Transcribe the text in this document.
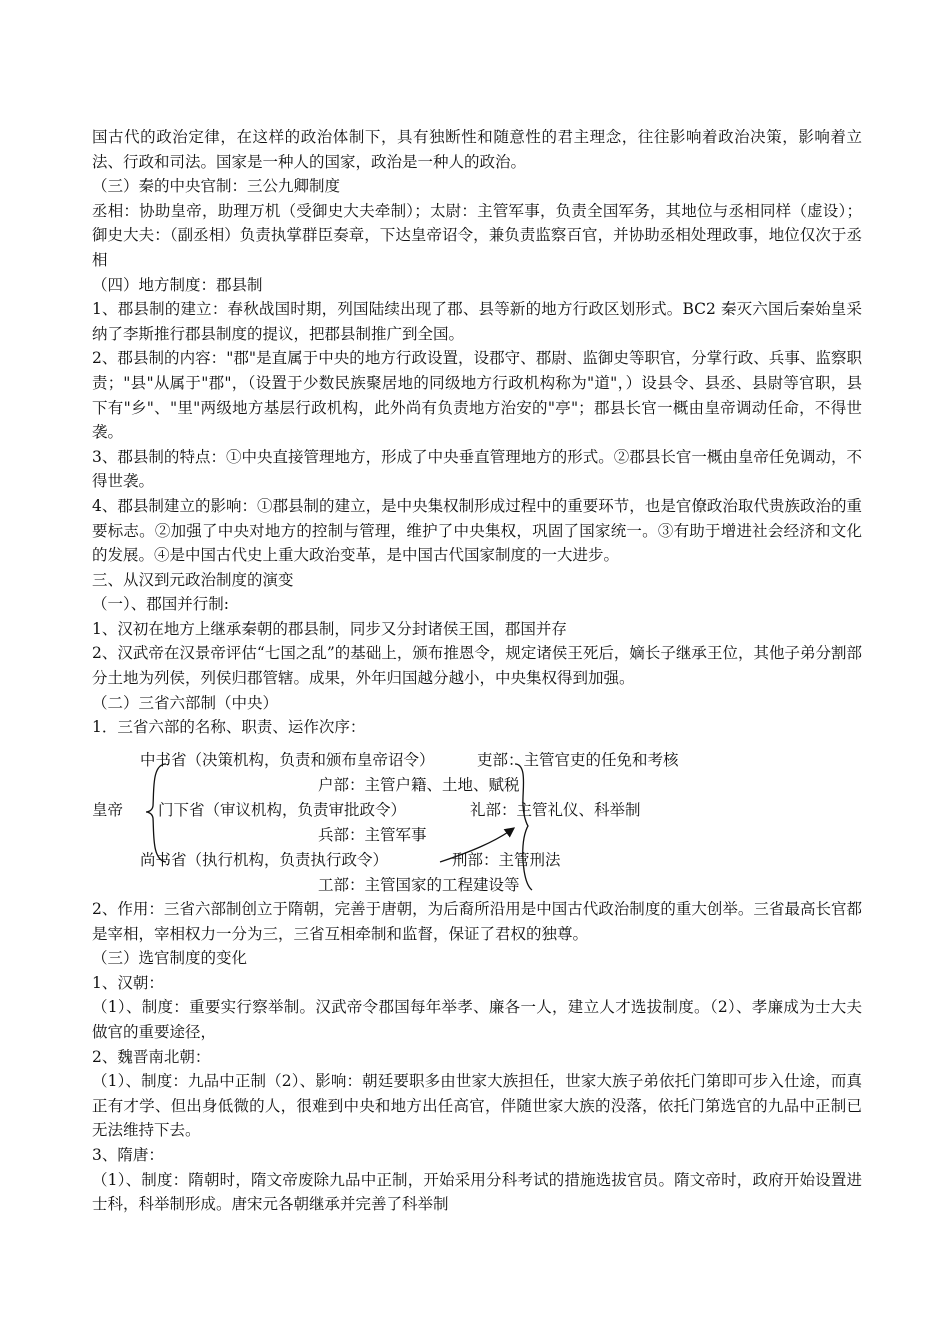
国古代的政治定律，在这样的政治体制下，具有独断性和随意性的君主理念，往往影响着政治决策，影响着立法、行政和司法。国家是一种人的国家，政治是一种人的政治。

（三）秦的中央官制：三公九卿制度

丞相：协助皇帝，助理万机（受御史大夫牵制）；太尉：主管军事，负责全国军务，其地位与丞相同样（虚设）；御史大夫：（副丞相）负责执掌群臣奏章，下达皇帝诏令，兼负责监察百官，并协助丞相处理政事，地位仅次于丞相

（四）地方制度：郡县制

1、郡县制的建立：春秋战国时期，列国陆续出现了郡、县等新的地方行政区划形式。BC2 秦灭六国后秦始皇采纳了李斯推行郡县制度的提议，把郡县制推广到全国。

2、郡县制的内容："郡"是直属于中央的地方行政设置，设郡守、郡尉、监御史等职官，分掌行政、兵事、监察职责；"县"从属于"郡"，（设置于少数民族聚居地的同级地方行政机构称为"道"，）设县令、县丞、县尉等官职，县下有"乡"、"里"两级地方基层行政机构，此外尚有负责地方治安的"亭"；郡县长官一概由皇帝调动任命，不得世袭。

3、郡县制的特点：①中央直接管理地方，形成了中央垂直管理地方的形式。②郡县长官一概由皇帝任免调动，不得世袭。

4、郡县制建立的影响：①郡县制的建立，是中央集权制形成过程中的重要环节，也是官僚政治取代贵族政治的重要标志。②加强了中央对地方的控制与管理，维护了中央集权，巩固了国家统一。③有助于增进社会经济和文化 的发展。④是中国古代史上重大政治变革，是中国古代国家制度的一大进步。

三、从汉到元政治制度的演变

（一）、郡国并行制:

1、汉初在地方上继承秦朝的郡县制，同步又分封诸侯王国，郡国并存

2、汉武帝在汉景帝评估“七国之乱”的基础上，颁布推恩令，规定诸侯王死后，嫡长子继承王位，其他子弟分割部分土地为列侯，列侯归郡管辖。成果，外年归国越分越小，中央集权得到加强。

（二）三省六部制（中央）

1．三省六部的名称、职责、运作次序：

中书省（决策机构，负责和颁布皇帝诏令）	吏部：主管官吏的任免和考核
户部：主管户籍、土地、赋税
皇帝 门下省（审议机构，负责审批政令）	礼部：主管礼仪、科举制
兵部：主管军事
尚书省（执行机构，负责执行政令）	刑部：主管刑法
工部：主管国家的工程建设等

2、作用：三省六部制创立于隋朝，完善于唐朝，为后裔所沿用是中国古代政治制度的重大创举。三省最高长官都是宰相，宰相权力一分为三，三省互相牵制和监督，保证了君权的独尊。

（三）选官制度的变化

1、汉朝：

（1）、制度：重要实行察举制。汉武帝令郡国每年举孝、廉各一人，建立人才选拔制度。（2）、孝廉成为士大夫做官的重要途径，

2、魏晋南北朝：

（1）、制度：九品中正制（2）、影响：朝廷要职多由世家大族担任，世家大族子弟依托门第即可步入仕途，而真正有才学、但出身低微的人，很难到中央和地方出任高官，伴随世家大族的没落，依托门第选官的九品中正制已无法维持下去。

3、隋唐：

（1）、制度：隋朝时，隋文帝废除九品中正制，开始采用分科考试的措施选拔官员。隋文帝时，政府开始设置进士科，科举制形成。唐宋元各朝继承并完善了科举制
